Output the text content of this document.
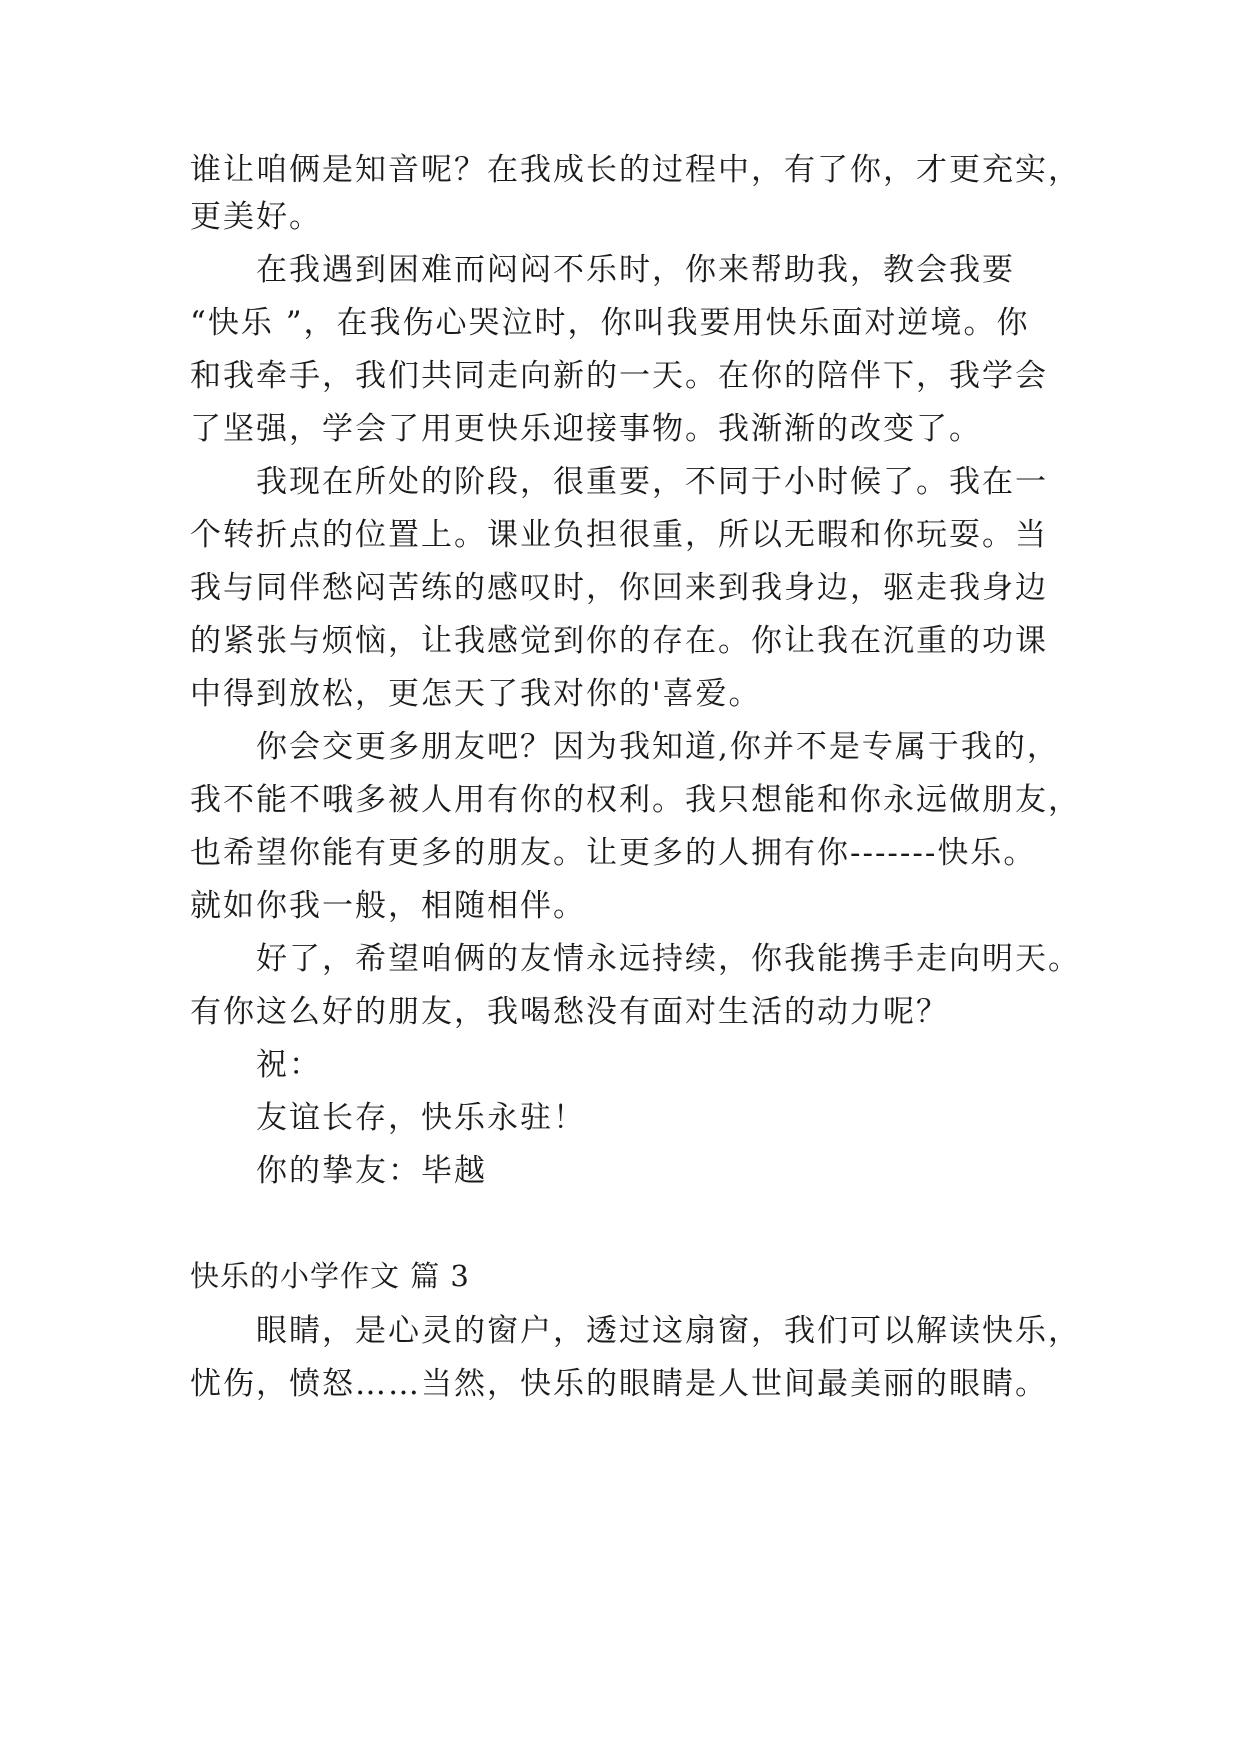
谁让咱俩是知音呢？在我成长的过程中，有了你，才更充实，
更美好。
在我遇到困难而闷闷不乐时，你来帮助我，教会我要
“快乐 ”，在我伤心哭泣时，你叫我要用快乐面对逆境。你
和我牵手，我们共同走向新的一天。在你的陪伴下，我学会
了坚强，学会了用更快乐迎接事物。我渐渐的改变了。
我现在所处的阶段，很重要，不同于小时候了。我在一
个转折点的位置上。课业负担很重，所以无暇和你玩耍。当
我与同伴愁闷苦练的感叹时，你回来到我身边，驱走我身边
的紧张与烦恼，让我感觉到你的存在。你让我在沉重的功课
中得到放松，更怎天了我对你的'喜爱。
你会交更多朋友吧？因为我知道,你并不是专属于我的，
我不能不哦多被人用有你的权利。我只想能和你永远做朋友，
也希望你能有更多的朋友。让更多的人拥有你-------快乐。
就如你我一般，相随相伴。
好了，希望咱俩的友情永远持续，你我能携手走向明天。
有你这么好的朋友，我喝愁没有面对生活的动力呢？
祝：
友谊长存，快乐永驻！
你的挚友：毕越
快乐的小学作文 篇 3
眼睛，是心灵的窗户，透过这扇窗，我们可以解读快乐，
忧伤，愤怒……当然，快乐的眼睛是人世间最美丽的眼睛。
